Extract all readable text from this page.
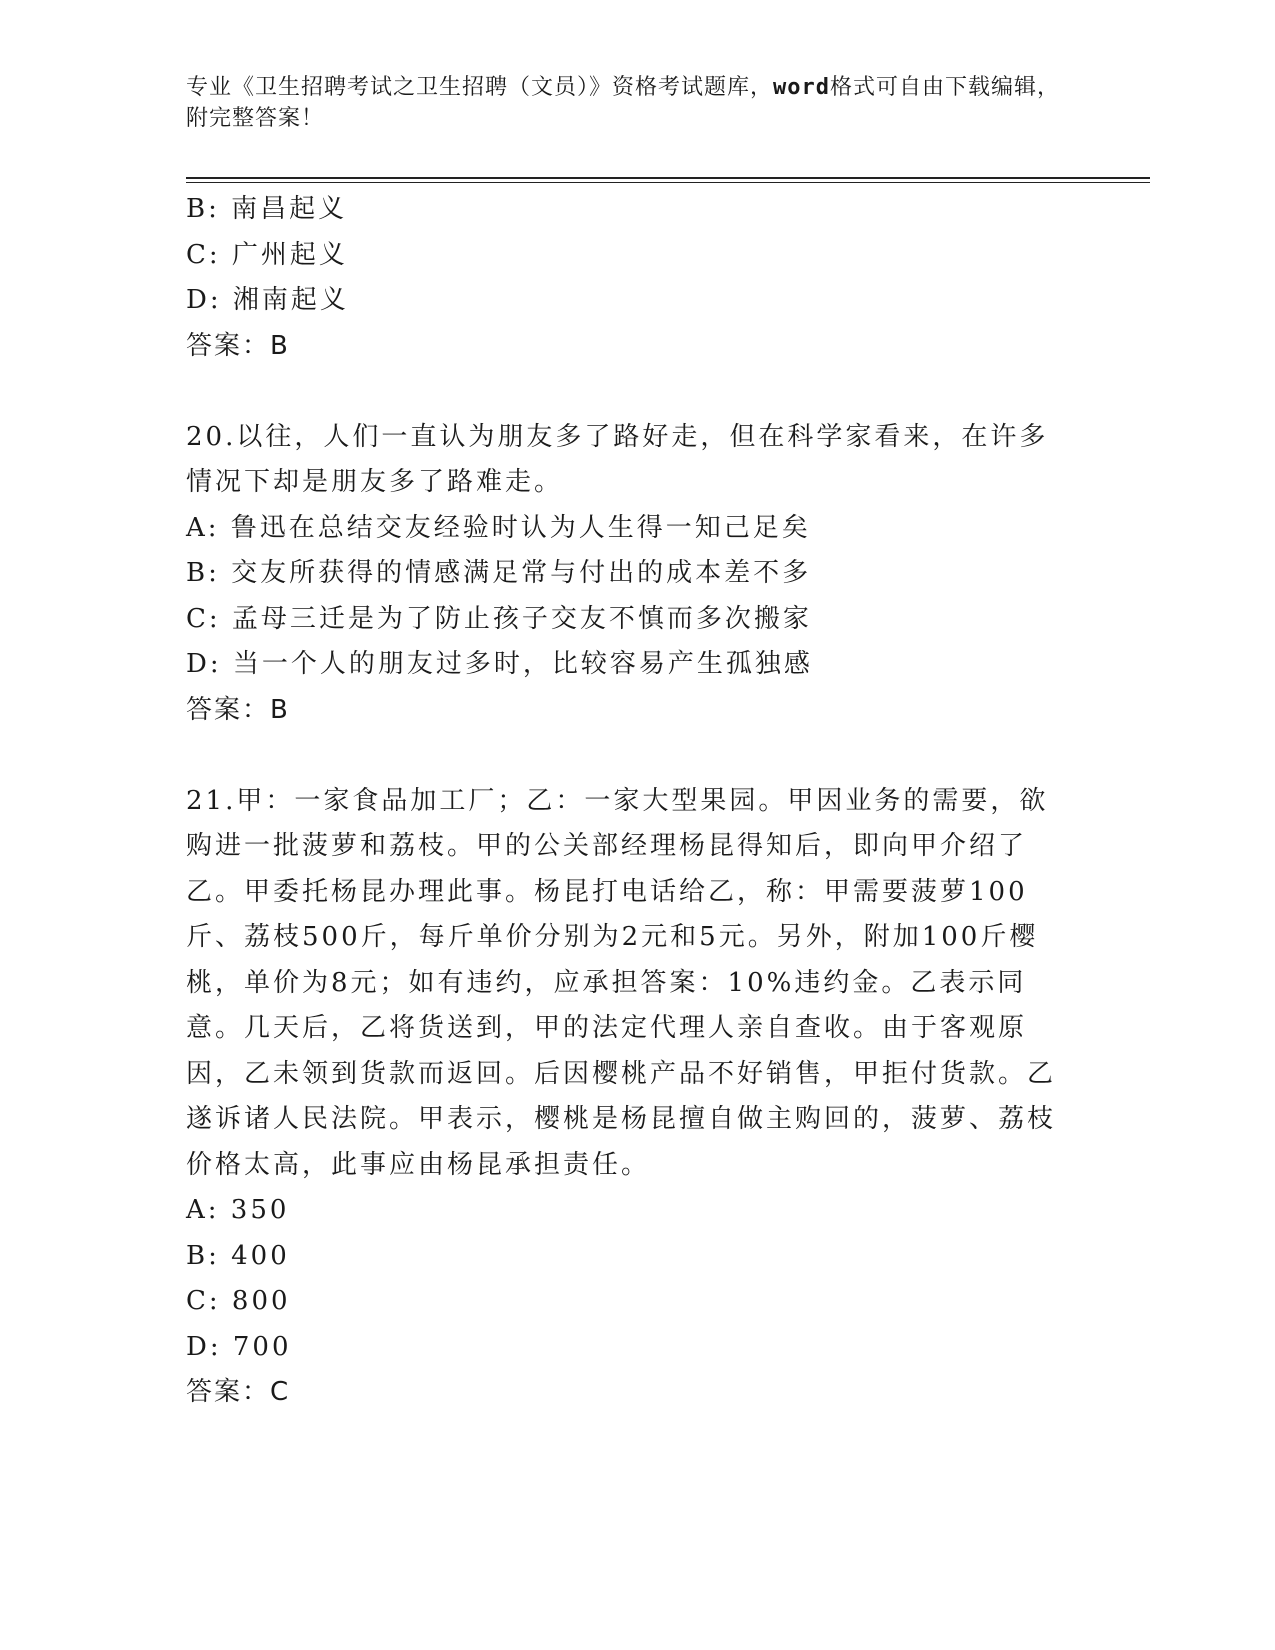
专业《卫生招聘考试之卫生招聘（文员）》资格考试题库，word格式可自由下载编辑，附完整答案！
B: 南昌起义
C: 广州起义
D: 湘南起义
答案：B
20.以往，人们一直认为朋友多了路好走，但在科学家看来，在许多情况下却是朋友多了路难走。
A: 鲁迅在总结交友经验时认为人生得一知己足矣
B: 交友所获得的情感满足常与付出的成本差不多
C: 孟母三迁是为了防止孩子交友不慎而多次搬家
D: 当一个人的朋友过多时，比较容易产生孤独感
答案：B
21.甲：一家食品加工厂；乙：一家大型果园。甲因业务的需要，欲购进一批菠萝和荔枝。甲的公关部经理杨昆得知后，即向甲介绍了乙。甲委托杨昆办理此事。杨昆打电话给乙，称：甲需要菠萝100斤、荔枝500斤，每斤单价分别为2元和5元。另外，附加100斤樱桃，单价为8元；如有违约，应承担答案：10%违约金。乙表示同意。几天后，乙将货送到，甲的法定代理人亲自查收。由于客观原因，乙未领到货款而返回。后因樱桃产品不好销售，甲拒付货款。乙遂诉诸人民法院。甲表示，樱桃是杨昆擅自做主购回的，菠萝、荔枝价格太高，此事应由杨昆承担责任。
A: 350
B: 400
C: 800
D: 700
答案：C
